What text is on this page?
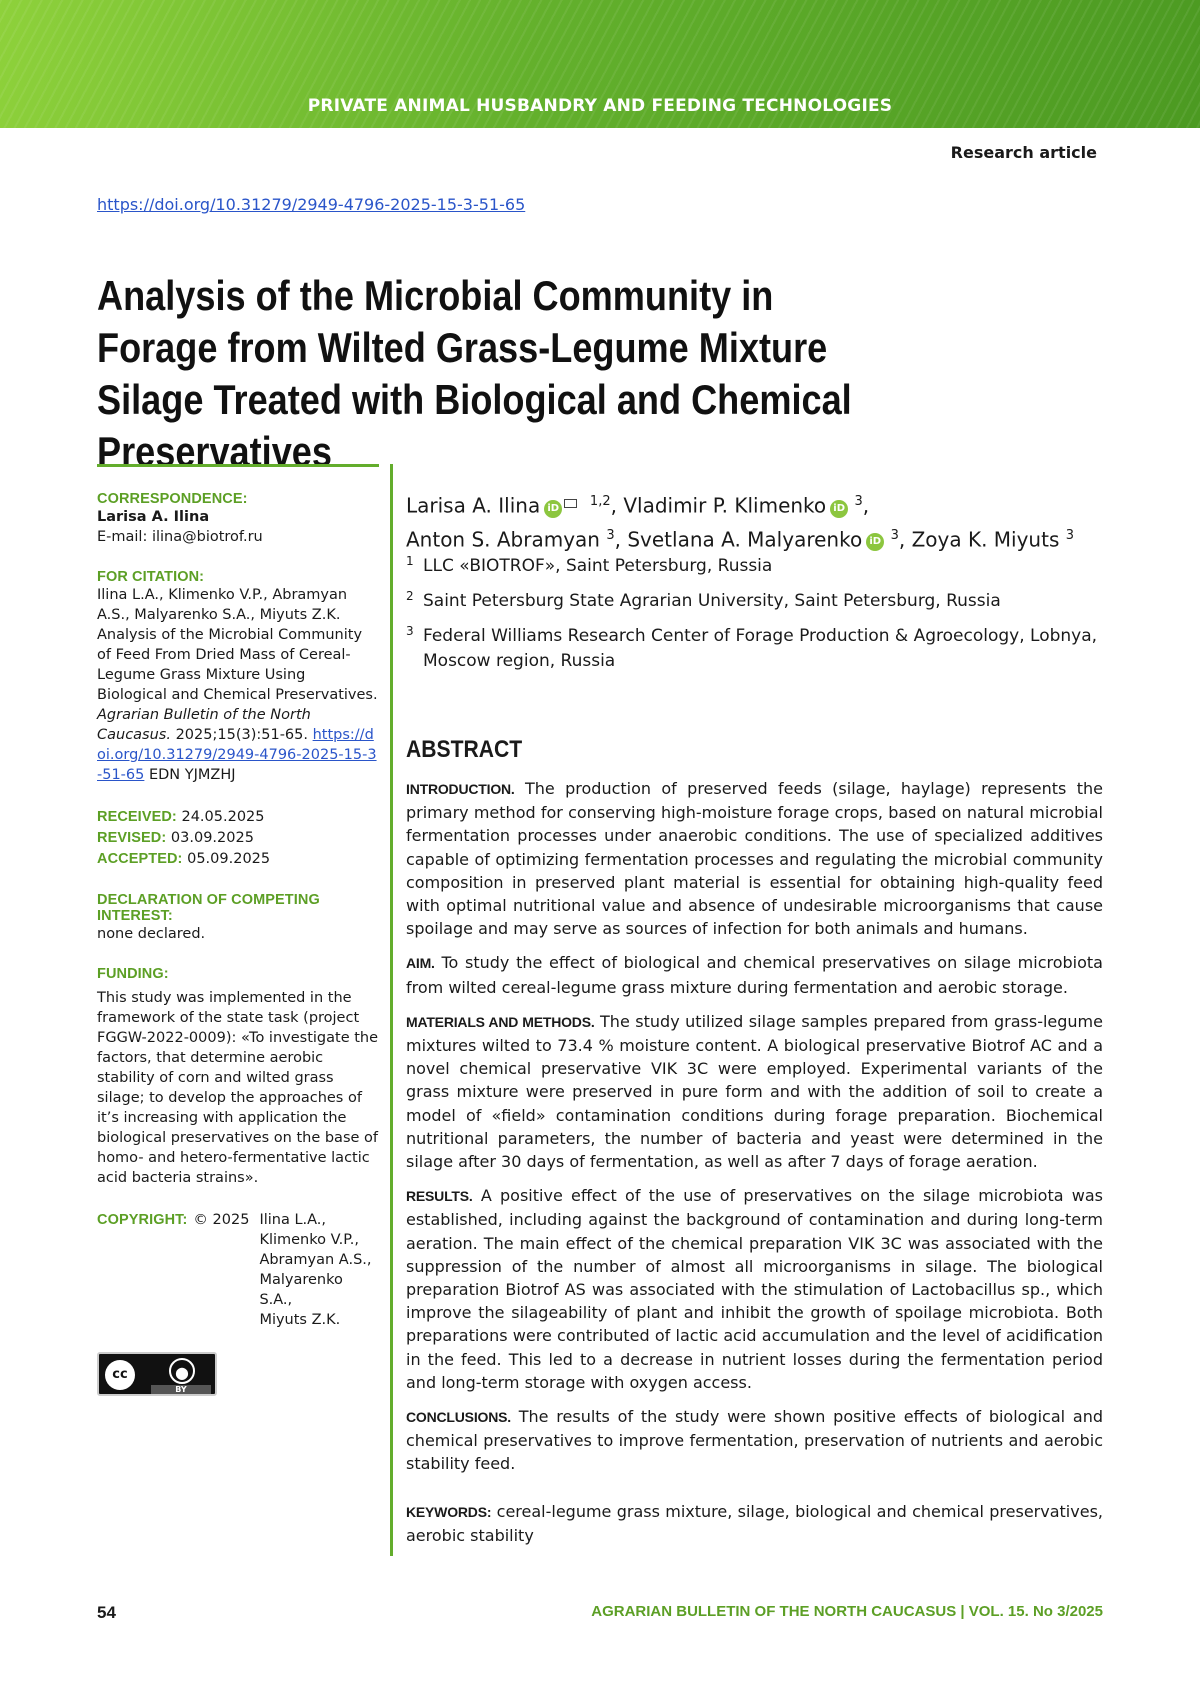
PRIVATE ANIMAL HUSBANDRY AND FEEDING TECHNOLOGIES
Research article
https://doi.org/10.31279/2949-4796-2025-15-3-51-65
Analysis of the Microbial Community in Forage from Wilted Grass-Legume Mixture Silage Treated with Biological and Chemical Preservatives
CORRESPONDENCE:
Larisa A. Ilina
E-mail: ilina@biotrof.ru
FOR CITATION:
Ilina L.A., Klimenko V.P., Abramyan A.S., Malyarenko S.A., Miyuts Z.K. Analysis of the Microbial Community of Feed From Dried Mass of Cereal-Legume Grass Mixture Using Biological and Chemical Preservatives. Agrarian Bulletin of the North Caucasus. 2025;15(3):51-65. https://doi.org/10.31279/2949-4796-2025-15-3-51-65 EDN YJMZHJ
RECEIVED: 24.05.2025
REVISED: 03.09.2025
ACCEPTED: 05.09.2025
DECLARATION OF COMPETING INTEREST:
none declared.
FUNDING:
This study was implemented in the framework of the state task (project FGGW-2022-0009): «To investigate the factors, that determine aerobic stability of corn and wilted grass silage; to develop the approaches of it’s increasing with application the biological preservatives on the base of homo- and hetero-fermentative lactic acid bacteria strains».
COPYRIGHT: © 2025 Ilina L.A.,
Klimenko V.P.,
Abramyan A.S.,
Malyarenko S.A.,
Miyuts Z.K.
cc	●
BY
Larisa A. Ilina iD $^{1,2}$, Vladimir P. Klimenko iD $^3$,
Anton S. Abramyan $^3$, Svetlana A. Malyarenko iD $^3$, Zoya K. Miyuts $^3$
1 LLC «BIOTROF», Saint Petersburg, Russia
2 Saint Petersburg State Agrarian University, Saint Petersburg, Russia
3 Federal Williams Research Center of Forage Production & Agroecology, Lobnya, Moscow region, Russia
ABSTRACT

INTRODUCTION. The production of preserved feeds (silage, haylage) represents the primary method for conserving high-moisture forage crops, based on natural microbial fermentation processes under anaerobic conditions. The use of specialized additives capable of optimizing fermentation processes and regulating the microbial community composition in preserved plant material is essential for obtaining high-quality feed with optimal nutritional value and absence of undesirable microorganisms that cause spoilage and may serve as sources of infection for both animals and humans.

AIM. To study the effect of biological and chemical preservatives on silage microbiota from wilted cereal-legume grass mixture during fermentation and aerobic storage.

MATERIALS AND METHODS. The study utilized silage samples prepared from grass-legume mixtures wilted to 73.4 % moisture content. A biological preservative Biotrof AC and a novel chemical preservative VIK 3C were employed. Experimental variants of the grass mixture were preserved in pure form and with the addition of soil to create a model of «field» contamination conditions during forage preparation. Biochemical nutritional parameters, the number of bacteria and yeast were determined in the silage after 30 days of fermentation, as well as after 7 days of forage aeration.

RESULTS. A positive effect of the use of preservatives on the silage microbiota was established, including against the background of contamination and during long-term aeration. The main effect of the chemical preparation VIK 3C was associated with the suppression of the number of almost all microorganisms in silage. The biological preparation Biotrof AS was associated with the stimulation of Lactobacillus sp., which improve the silageability of plant and inhibit the growth of spoilage microbiota. Both preparations were contributed of lactic acid accumulation and the level of acidification in the feed. This led to a decrease in nutrient losses during the fermentation period and long-term storage with oxygen access.

CONCLUSIONS. The results of the study were shown positive effects of biological and chemical preservatives to improve fermentation, preservation of nutrients and aerobic stability feed.

KEYWORDS: cereal-legume grass mixture, silage, biological and chemical preservatives, aerobic stability
54	AGRARIAN BULLETIN OF THE NORTH CAUCASUS | VOL. 15. No 3/2025
